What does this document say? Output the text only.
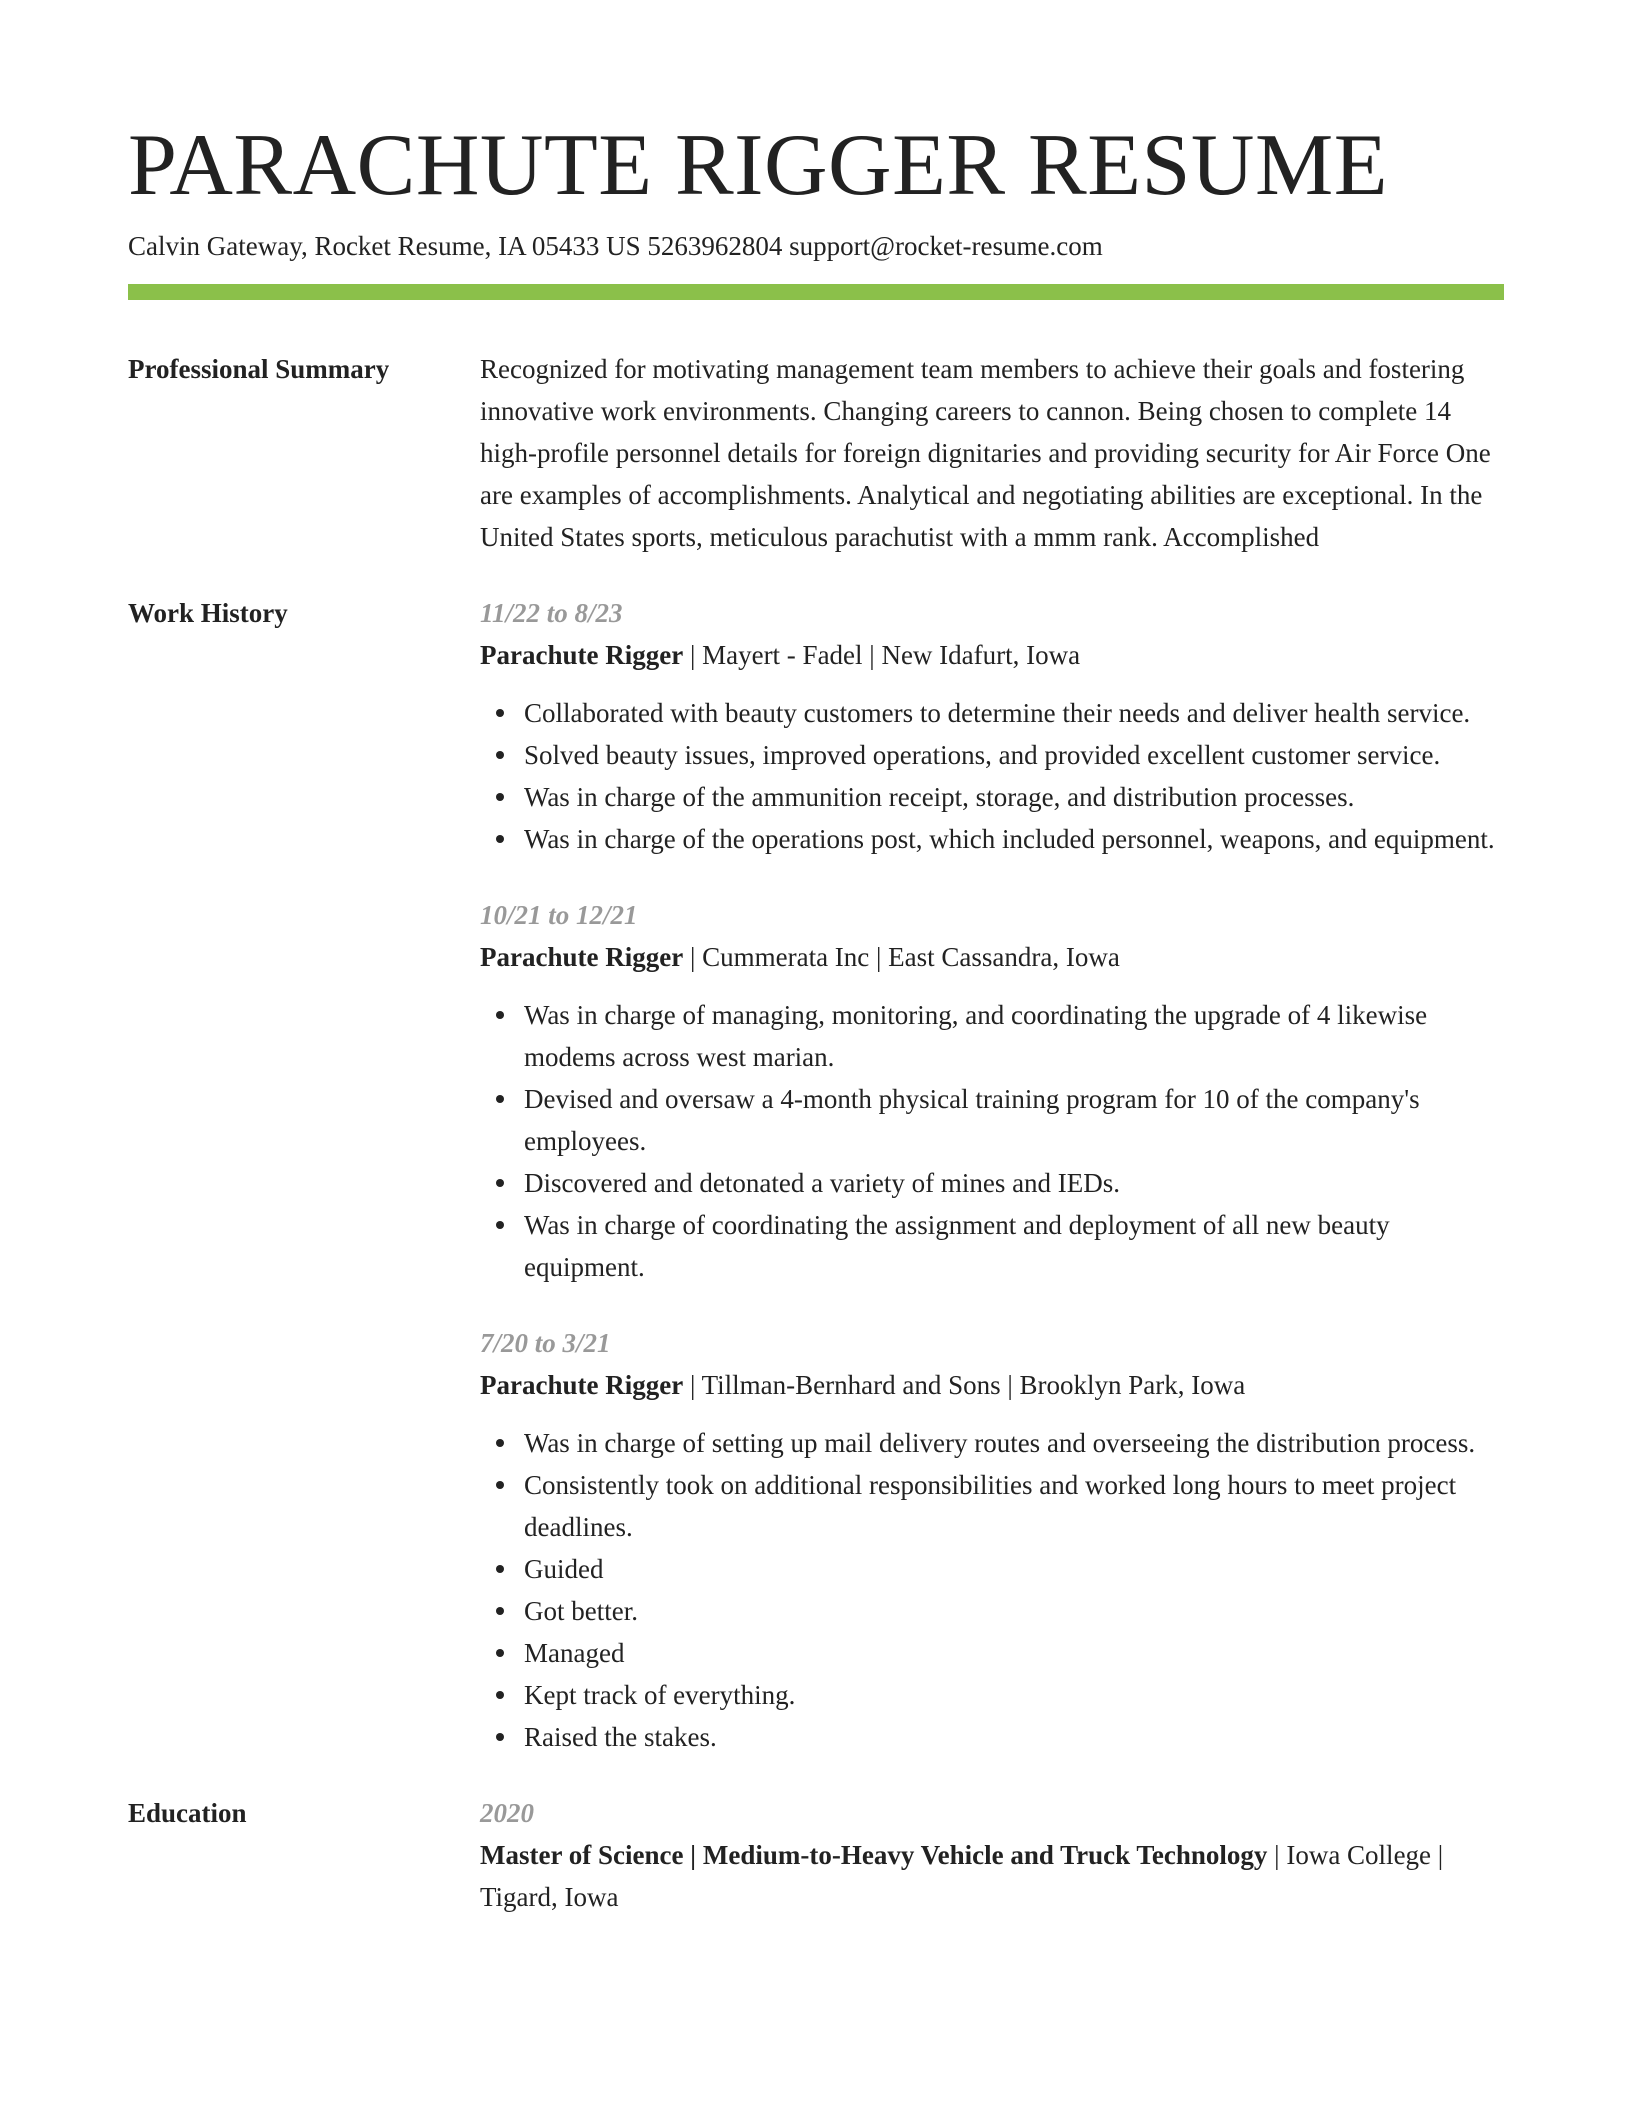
PARACHUTE RIGGER RESUME
Calvin Gateway, Rocket Resume, IA 05433 US 5263962804 support@rocket-resume.com
Professional Summary	Recognized for motivating management team members to achieve their goals and fostering innovative work environments. Changing careers to cannon. Being chosen to complete 14 high-profile personnel details for foreign dignitaries and providing security for Air Force One are examples of accomplishments. Analytical and negotiating abilities are exceptional. In the United States sports, meticulous parachutist with a mmm rank. Accomplished
Work History	11/22 to 8/23
Parachute Rigger | Mayert - Fadel | New Idafurt, Iowa
Collaborated with beauty customers to determine their needs and deliver health service.
Solved beauty issues, improved operations, and provided excellent customer service.
Was in charge of the ammunition receipt, storage, and distribution processes.
Was in charge of the operations post, which included personnel, weapons, and equipment.
10/21 to 12/21
Parachute Rigger | Cummerata Inc | East Cassandra, Iowa
Was in charge of managing, monitoring, and coordinating the upgrade of 4 likewise modems across west marian.
Devised and oversaw a 4-month physical training program for 10 of the company's employees.
Discovered and detonated a variety of mines and IEDs.
Was in charge of coordinating the assignment and deployment of all new beauty equipment.
7/20 to 3/21
Parachute Rigger | Tillman-Bernhard and Sons | Brooklyn Park, Iowa
Was in charge of setting up mail delivery routes and overseeing the distribution process.
Consistently took on additional responsibilities and worked long hours to meet project deadlines.
Guided
Got better.
Managed
Kept track of everything.
Raised the stakes.
Education	2020
Master of Science | Medium-to-Heavy Vehicle and Truck Technology | Iowa College | Tigard, Iowa
